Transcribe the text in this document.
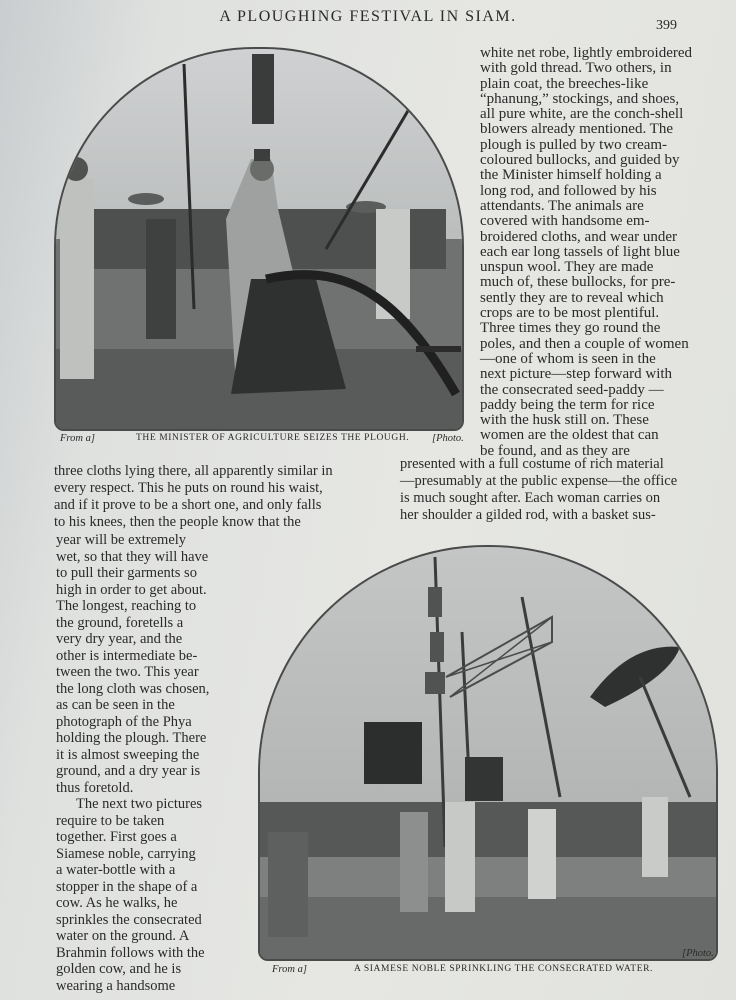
A PLOUGHING FESTIVAL IN SIAM.
399
From a]	THE MINISTER OF AGRICULTURE SEIZES THE PLOUGH. [Photo.

white net robe, lightly embroidered

with gold thread. Two others, in

plain coat, the breeches-like

“phanung,” stockings, and shoes,

all pure white, are the conch-shell

blowers already mentioned. The

plough is pulled by two cream-

coloured bullocks, and guided by

the Minister himself holding a

long rod, and followed by his

attendants. The animals are

covered with handsome em-

broidered cloths, and wear under

each ear long tassels of light blue

unspun wool. They are made

much of, these bullocks, for pre-

sently they are to reveal which

crops are to be most plentiful.

Three times they go round the

poles, and then a couple of women

—one of whom is seen in the

next picture—step forward with

the consecrated seed-paddy —

paddy being the term for rice

with the husk still on. These

women are the oldest that can

be found, and as they are

three cloths lying there, all apparently similar in

every respect. This he puts on round his waist,

and if it prove to be a short one, and only falls

to his knees, then the people know that the

presented with a full costume of rich material

—presumably at the public expense—the office

is much sought after. Each woman carries on

her shoulder a gilded rod, with a basket sus-

year will be extremely

wet, so that they will have

to pull their garments so

high in order to get about.

The longest, reaching to

the ground, foretells a

very dry year, and the

other is intermediate be-

tween the two. This year

the long cloth was chosen,

as can be seen in the

photograph of the Phya

holding the plough. There

it is almost sweeping the

ground, and a dry year is

thus foretold.

The next two pictures

require to be taken

together. First goes a

Siamese noble, carrying

a water-bottle with a

stopper in the shape of a

cow. As he walks, he

sprinkles the consecrated

water on the ground. A

Brahmin follows with the

golden cow, and he is

wearing a handsome

From a]	A SIAMESE NOBLE SPRINKLING THE CONSECRATED WATER.
[Photo.
